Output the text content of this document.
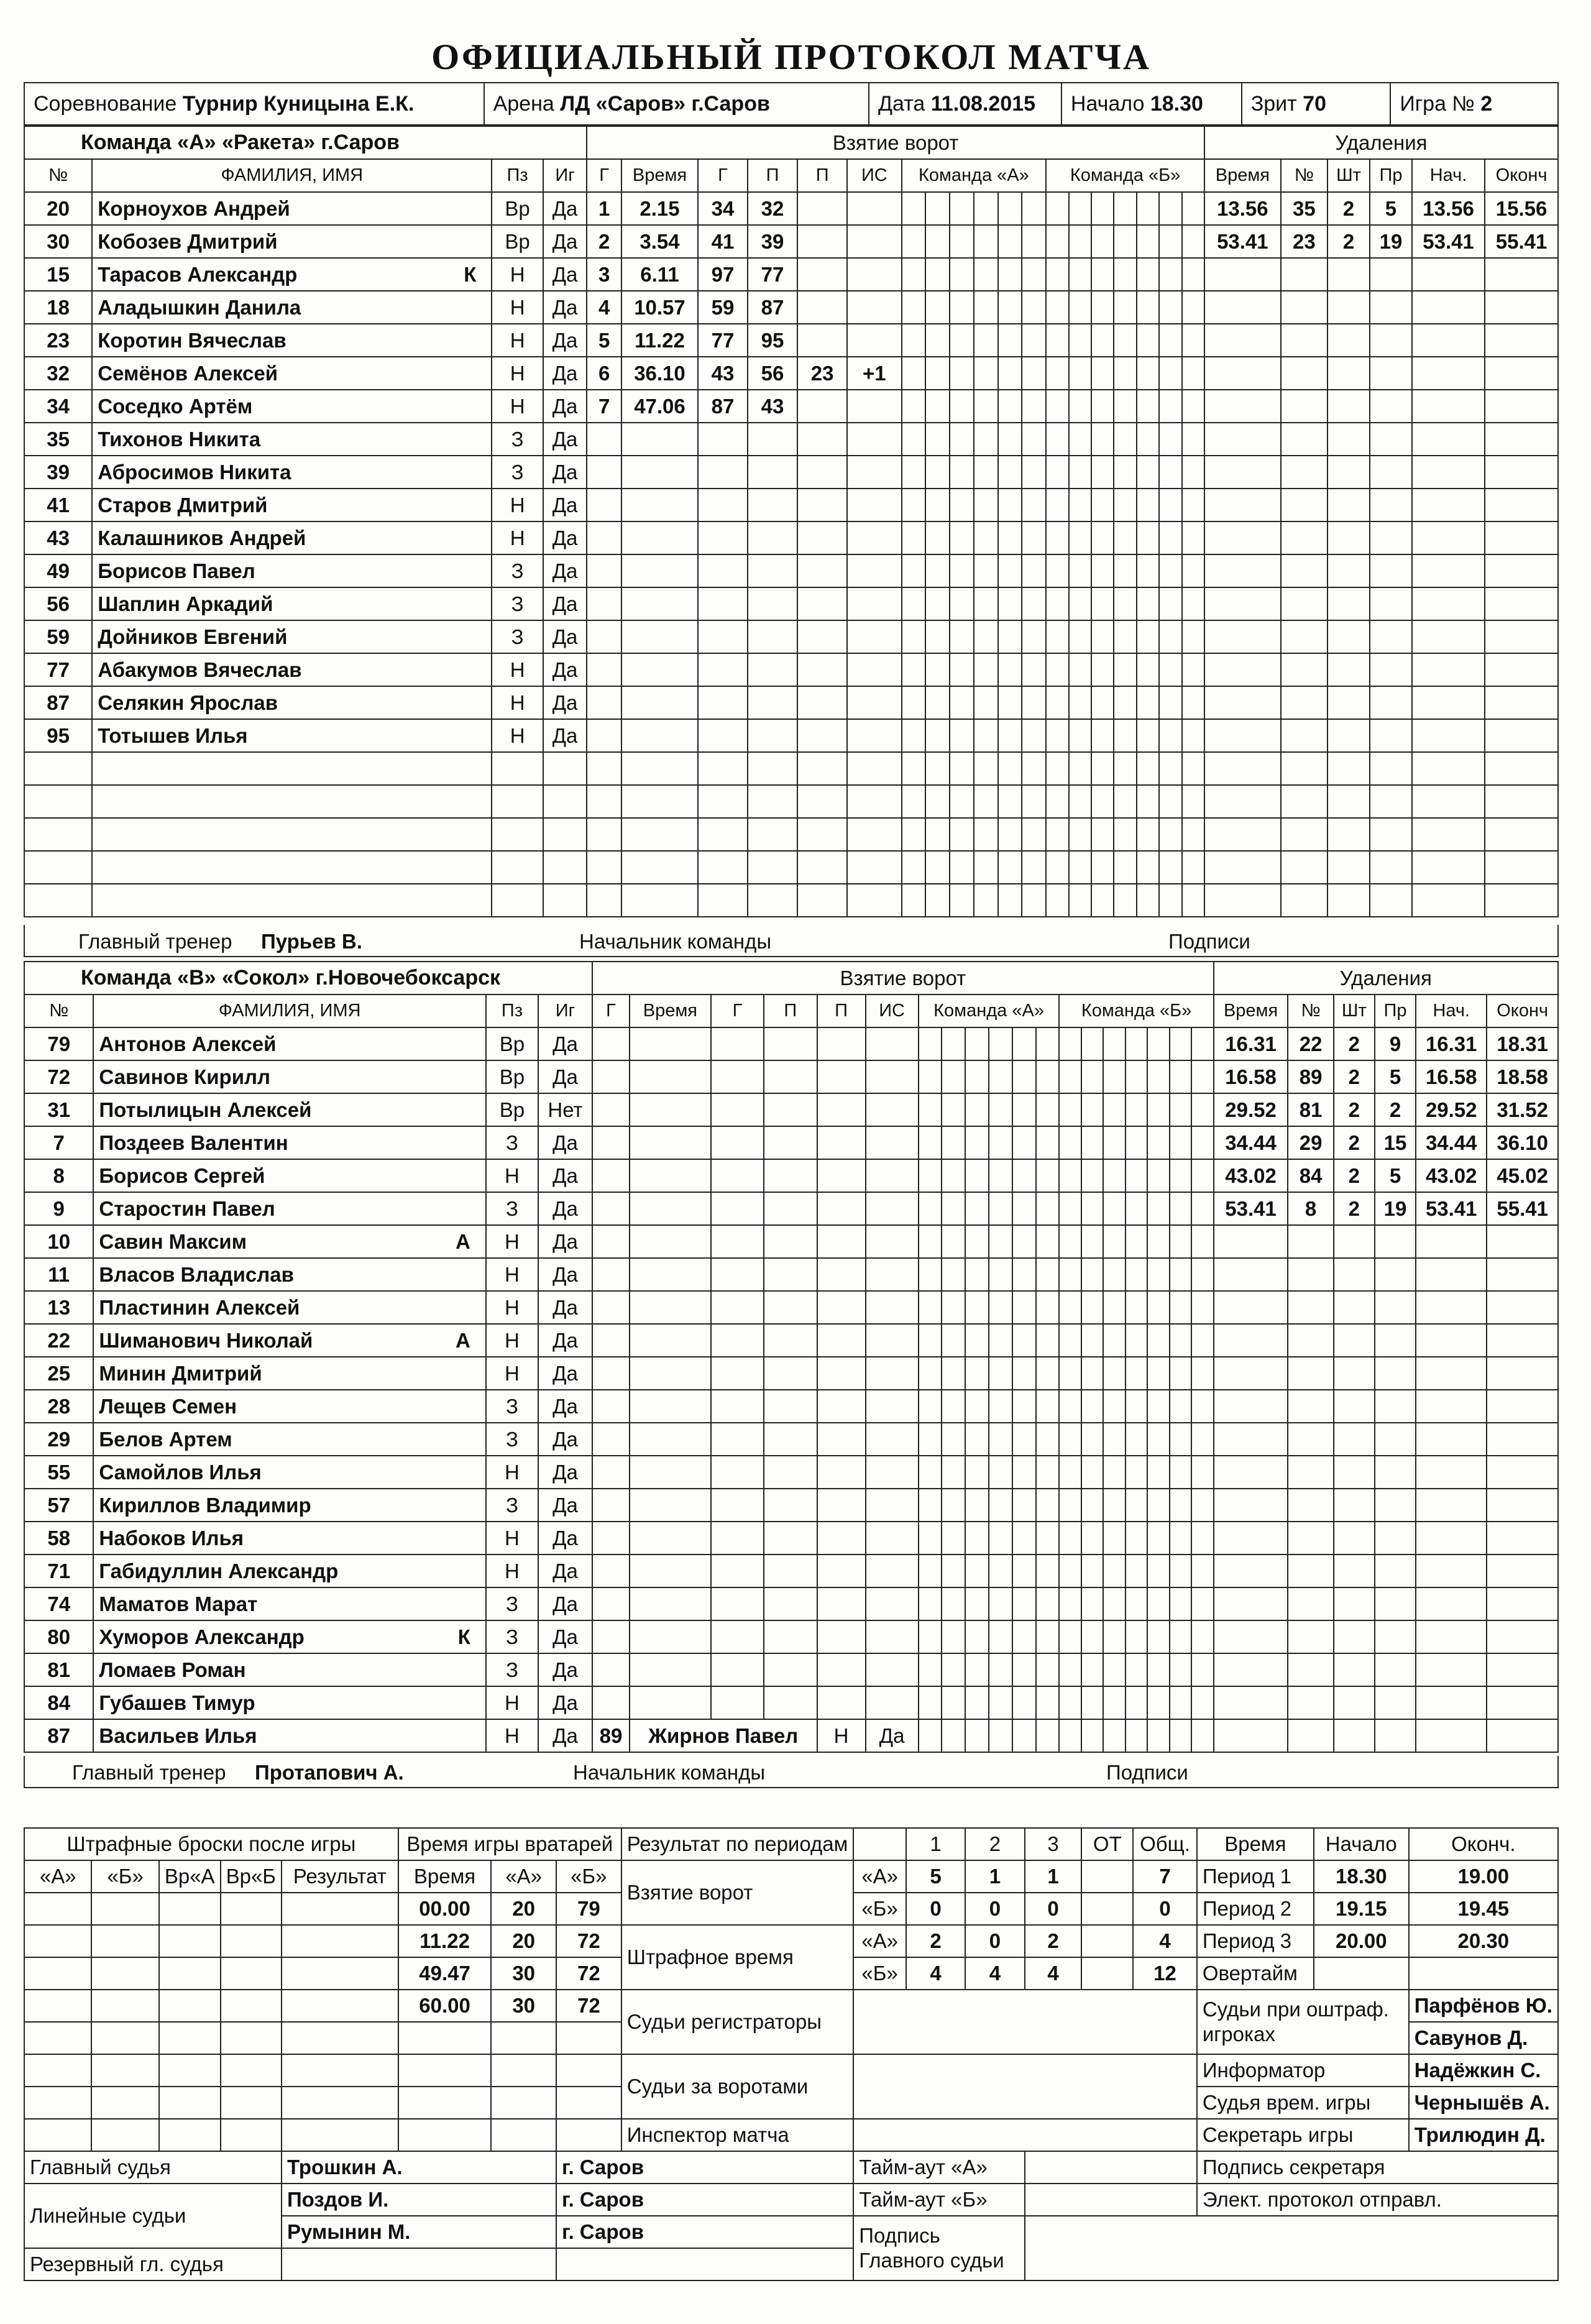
ОФИЦИАЛЬНЫЙ ПРОТОКОЛ МАТЧА
Соревнование Турнир Куницына Е.К.	Арена ЛД «Саров» г.Саров	Дата 11.08.2015	Начало 18.30	Зрит 70	Игра № 2
Команда «А» «Ракета» г.Саров				Взятие ворот																			Удаления					
№	ФАМИЛИЯ, ИМЯ	Пз	Иг	Г	Время	Г	П	П	ИС	Команда «А»						Команда «Б»							Время	№	Шт	Пр	Нач.	Оконч
20	Корноухов Андрей	Вр	Да	1	2.15	34	32																13.56	35	2	5	13.56	15.56
30	Кобозев Дмитрий	Вр	Да	2	3.54	41	39																53.41	23	2	19	53.41	55.41
15	Тарасов Александр К	Н	Да	3	6.11	97	77																					
18	Аладышкин Данила	Н	Да	4	10.57	59	87																					
23	Коротин Вячеслав	Н	Да	5	11.22	77	95																					
32	Семёнов Алексей	Н	Да	6	36.10	43	56	23	+1																			
34	Соседко Артём	Н	Да	7	47.06	87	43																					
35	Тихонов Никита	З	Да																									
39	Абросимов Никита	З	Да																									
41	Старов Дмитрий	Н	Да																									
43	Калашников Андрей	Н	Да																									
49	Борисов Павел	З	Да																									
56	Шаплин Аркадий	З	Да																									
59	Дойников Евгений	З	Да																									
77	Абакумов Вячеслав	Н	Да																									
87	Селякин Ярослав	Н	Да																									
95	Тотышев Илья	Н	Да																									

Главный тренер Пурьев В.	Начальник команды	Подписи
Команда «В» «Сокол» г.Новочебоксарск				Взятие ворот																			Удаления					
№	ФАМИЛИЯ, ИМЯ	Пз	Иг	Г	Время	Г	П	П	ИС	Команда «А»						Команда «Б»							Время	№	Шт	Пр	Нач.	Оконч
79	Антонов Алексей	Вр	Да																				16.31	22	2	9	16.31	18.31
72	Савинов Кирилл	Вр	Да																				16.58	89	2	5	16.58	18.58
31	Потылицын Алексей	Вр	Нет																				29.52	81	2	2	29.52	31.52
7	Поздеев Валентин	З	Да																				34.44	29	2	15	34.44	36.10
8	Борисов Сергей	Н	Да																				43.02	84	2	5	43.02	45.02
9	Старостин Павел	З	Да																				53.41	8	2	19	53.41	55.41
10	Савин Максим А	Н	Да																									
11	Власов Владислав	Н	Да																									
13	Пластинин Алексей	Н	Да																									
22	Шиманович Николай А	Н	Да																									
25	Минин Дмитрий	Н	Да																									
28	Лещев Семен	З	Да																									
29	Белов Артем	З	Да																									
55	Самойлов Илья	Н	Да																									
57	Кириллов Владимир	З	Да																									
58	Набоков Илья	Н	Да																									
71	Габидуллин Александр	Н	Да																									
74	Маматов Марат	З	Да																									
80	Хуморов Александр К	З	Да																									
81	Ломаев Роман	З	Да																									
84	Губашев Тимур	Н	Да																									
87	Васильев Илья	Н	Да	89	Жирнов Павел			Н	Да																			
Главный тренер Протапович А.	Начальник команды	Подписи
Штрафные броски после игры					Время игры вратарей			Результат по периодам		1	2	3	ОТ	Общ.	Время	Начало	Оконч.
«А»	«Б»	Вр«А	Вр«Б	Результат	Время	«А»	«Б»	Взятие ворот	«А»	5	1	1		7	Период 1	18.30	19.00
					00.00	20	79		«Б»	0	0	0		0	Период 2	19.15	19.45
					11.22	20	72	Штрафное время	«А»	2	0	2		4	Период 3	20.00	20.30
					49.47	30	72		«Б»	4	4	4		12	Овертайм		
					60.00	30	72	Судьи регистраторы							Судьи при оштраф. игроках		Парфёнов Ю.
																	Савунов Д.
								Судьи за воротами							Информатор		Надёжкин С.
															Судья врем. игры		Чернышёв А.
								Инспектор матча							Секретарь игры		Трилюдин Д.
Главный судья				Трошкин А.			г. Саров		Тайм-аут «А»						Подпись секретаря		
Линейные судьи				Поздов И.			г. Саров		Тайм-аут «Б»						Элект. протокол отправл.		
				Румынин М.			г. Саров		Подпись Главного судьи								
Резервный гл. судья																	
